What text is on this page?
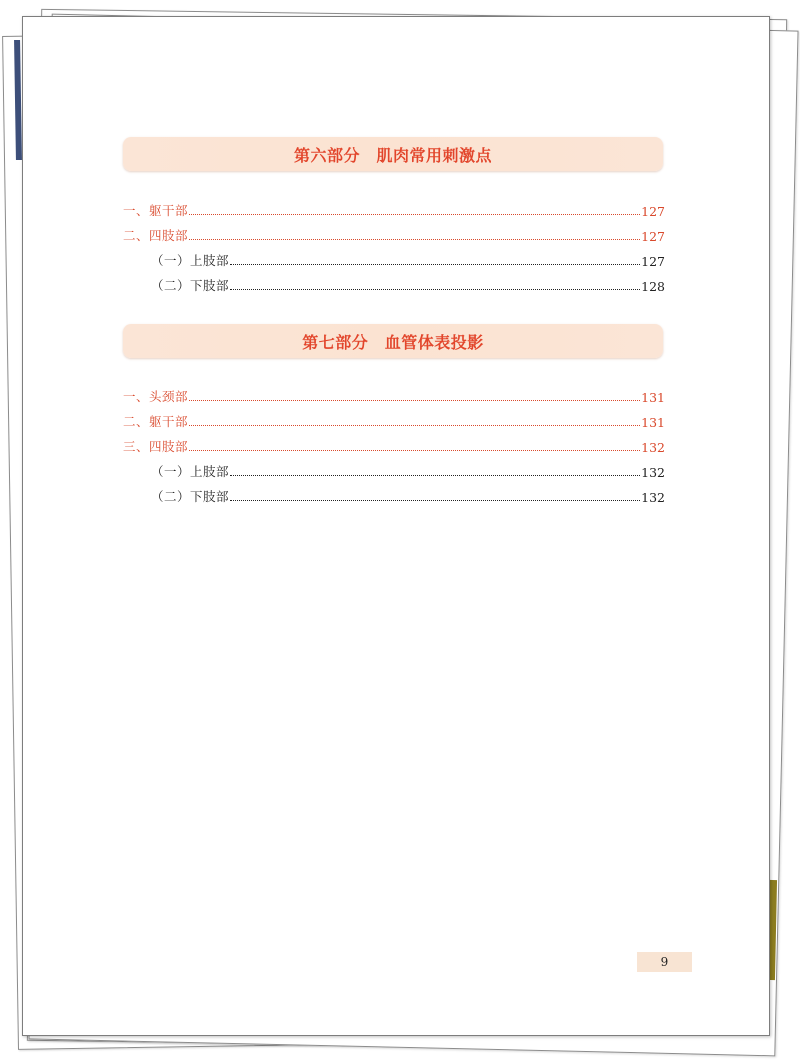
第六部分　肌肉常用刺激点
一、躯干部	127
二、四肢部	127
（一）上肢部	127
（二）下肢部	128
第七部分　血管体表投影
一、头颈部	131
二、躯干部	131
三、四肢部	132
（一）上肢部	132
（二）下肢部	132
9
